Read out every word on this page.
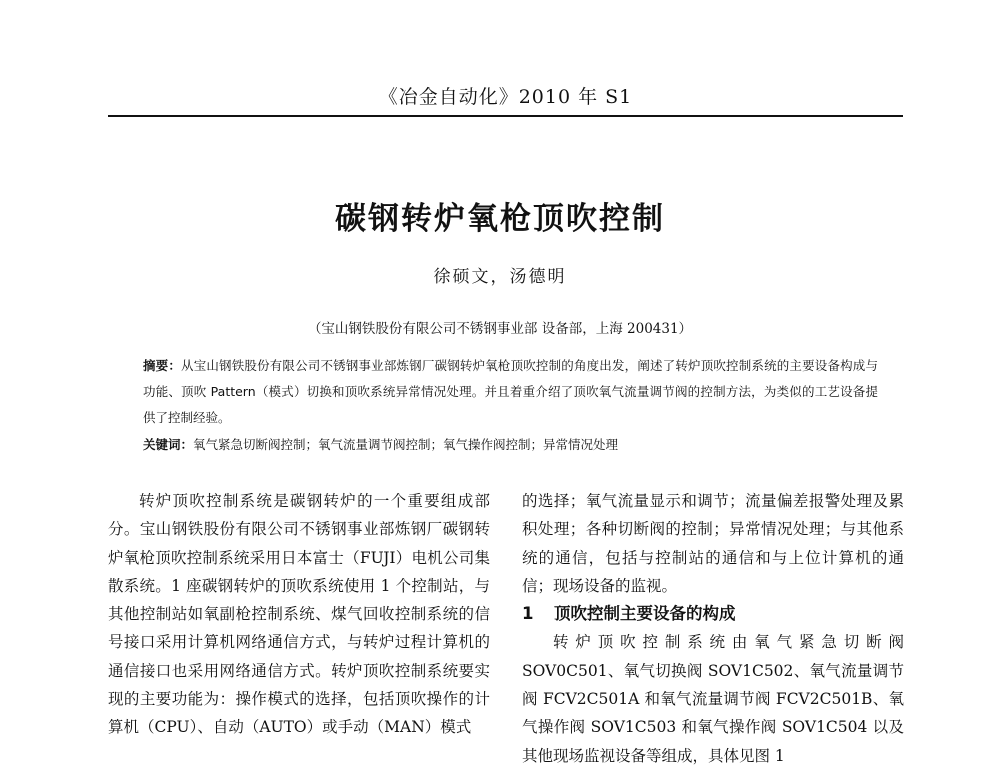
《冶金自动化》2010 年 S1
碳钢转炉氧枪顶吹控制
徐硕文，汤德明
（宝山钢铁股份有限公司不锈钢事业部 设备部，上海 200431）
摘要：从宝山钢铁股份有限公司不锈钢事业部炼钢厂碳钢转炉氧枪顶吹控制的角度出发，阐述了转炉顶吹控制系统的主要设备构成与功能、顶吹 Pattern（模式）切换和顶吹系统异常情况处理。并且着重介绍了顶吹氧气流量调节阀的控制方法，为类似的工艺设备提供了控制经验。
关键词：氧气紧急切断阀控制；氧气流量调节阀控制；氧气操作阀控制；异常情况处理

转炉顶吹控制系统是碳钢转炉的一个重要组成部分。宝山钢铁股份有限公司不锈钢事业部炼钢厂碳钢转炉氧枪顶吹控制系统采用日本富士（FUJI）电机公司集散系统。1 座碳钢转炉的顶吹系统使用 1 个控制站，与其他控制站如氧副枪控制系统、煤气回收控制系统的信号接口采用计算机网络通信方式，与转炉过程计算机的通信接口也采用网络通信方式。转炉顶吹控制系统要实现的主要功能为：操作模式的选择，包括顶吹操作的计算机（CPU）、自动（AUTO）或手动（MAN）模式

的选择；氧气流量显示和调节；流量偏差报警处理及累积处理；各种切断阀的控制；异常情况处理；与其他系统的通信，包括与控制站的通信和与上位计算机的通信；现场设备的监视。

1 顶吹控制主要设备的构成

转炉顶吹控制系统由氧气紧急切断阀 SOV0C501、氧气切换阀 SOV1C502、氧气流量调节阀 FCV2C501A 和氧气流量调节阀 FCV2C501B、氧气操作阀 SOV1C503 和氧气操作阀 SOV1C504 以及其他现场监视设备等组成，具体见图 1
